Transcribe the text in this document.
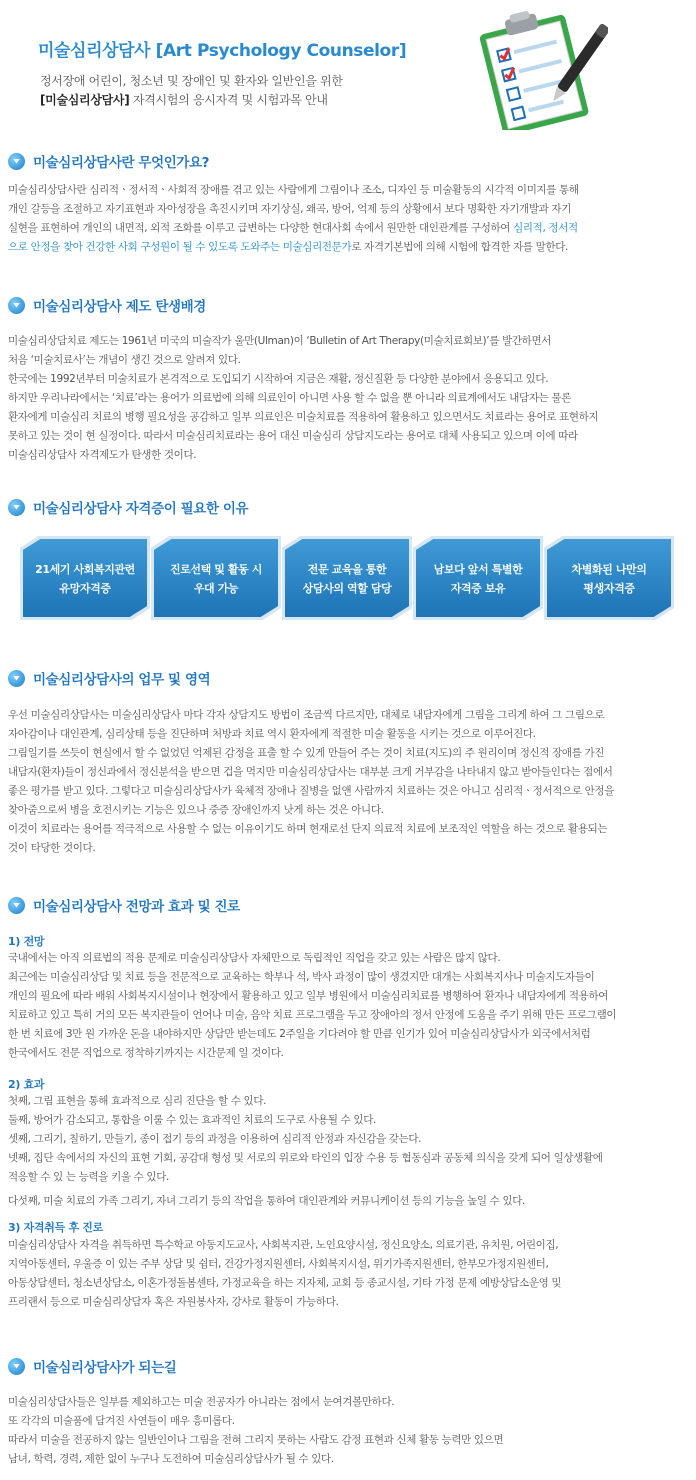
미술심리상담사 [Art Psychology Counselor]
정서장애 어린이, 청소년 및 장애인 및 환자와 일반인을 위한
[미술심리상담사] 자격시험의 응시자격 및 시험과목 안내
미술심리상담사란 무엇인가요?
미술심리상담사란 심리적ㆍ정서적ㆍ사회적 장애를 겪고 있는 사람에게 그림이나 조소, 디자인 등 미술활동의 시각적 이미지를 통해
개인 갈등을 조절하고 자기표현과 자아성장을 촉진시키며 자기상실, 왜곡, 방어, 억제 등의 상황에서 보다 명확한 자기개발과 자기
실현을 표현하여 개인의 내면적, 외적 조화를 이루고 급변하는 다양한 현대사회 속에서 원만한 대인관계를 구성하여 심리적, 정서적
으로 안정을 찾아 건강한 사회 구성원이 될 수 있도록 도와주는 미술심리전문가로 자격기본법에 의해 시험에 합격한 자를 말한다.
미술심리상담사 제도 탄생배경
미술심리상담치료 제도는 1961년 미국의 미술작가 울만(Ulman)이 ‘Bulletin of Art Therapy(미술치료회보)’를 발간하면서
처음 ‘미술치료사’는 개념이 생긴 것으로 알려져 있다.
한국에는 1992년부터 미술치료가 본격적으로 도입되기 시작하여 지금은 재활, 정신질환 등 다양한 분야에서 응용되고 있다.
하지만 우리나라에서는 ‘치료’라는 용어가 의료법에 의해 의료인이 아니면 사용 할 수 없을 뿐 아니라 의료계에서도 내담자는 물론
환자에게 미술심리 치료의 병행 필요성을 공감하고 일부 의료인은 미술치료를 적용하여 활용하고 있으면서도 치료라는 용어로 표현하지
못하고 있는 것이 현 실정이다. 따라서 미술심리치료라는 용어 대신 미술심리 상담지도라는 용어로 대체 사용되고 있으며 이에 따라
미술심리상담사 자격제도가 탄생한 것이다.
미술심리상담사 자격증이 필요한 이유
21세기 사회복지관련
유망자격증
진로선택 및 활동 시
우대 가능
전문 교육을 통한
상담사의 역할 담당
남보다 앞서 특별한
자격증 보유
차별화된 나만의
평생자격증
미술심리상담사의 업무 및 영역
우선 미술심리상담사는 미술심리상담사 마다 각자 상담지도 방법이 조금씩 다르지만, 대체로 내담자에게 그림을 그리게 하여 그 그림으로
자아감이나 대인관계, 심리상태 등을 진단하며 처방과 치료 역시 환자에게 적절한 미술 활동을 시키는 것으로 이루어진다.
그림일기를 쓰듯이 현실에서 할 수 없었던 억제된 감정을 표출 할 수 있게 만들어 주는 것이 치료(지도)의 주 원리이며 정신적 장애를 가진
내담자(환자)들이 정신과에서 정신분석을 받으면 겁을 먹지만 미술심리상담사는 대부분 크게 거부감을 나타내지 않고 받아들인다는 점에서
좋은 평가를 받고 있다. 그렇다고 미술심리상담사가 육체적 장애나 질병을 없앤 사람까지 치료하는 것은 아니고 심리적ㆍ정서적으로 안정을
찾아줌으로써 병을 호전시키는 기능은 있으나 중증 장애인까지 낫게 하는 것은 아니다.
이것이 치료라는 용어를 적극적으로 사용할 수 없는 이유이기도 하며 현재로선 단지 의료적 치료에 보조적인 역할을 하는 것으로 활용되는
것이 타당한 것이다.
미술심리상담사 전망과 효과 및 진로
1) 전망
국내에서는 아직 의료법의 적용 문제로 미술심리상담사 자체만으로 독립적인 직업을 갖고 있는 사람은 많지 않다.
최근에는 미술심리상담 및 치료 등을 전문적으로 교육하는 학부나 석, 박사 과정이 많이 생겼지만 대개는 사회복지사나 미술지도자들이
개인의 필요에 따라 배워 사회복지시설이나 현장에서 활용하고 있고 일부 병원에서 미술심리치료를 병행하여 환자나 내담자에게 적용하여
치료하고 있고 특히 거의 모든 복지관들이 언어나 미술, 음악 치료 프로그램을 두고 장애아의 정서 안정에 도움을 주기 위해 만든 프로그램이
한 번 치료에 3만 원 가까운 돈을 내야하지만 상담만 받는데도 2주일을 기다려야 할 만큼 인기가 있어 미술심리상담사가 외국에서처럼
한국에서도 전문 직업으로 정착하기까지는 시간문제 일 것이다.
2) 효과
첫째, 그림 표현을 통해 효과적으로 심리 진단을 할 수 있다.
둘째, 방어가 감소되고, 통합을 이룰 수 있는 효과적인 치료의 도구로 사용될 수 있다.
셋째, 그리기, 칠하기, 만들기, 종이 접기 등의 과정을 이용하여 심리적 안정과 자신감을 갖는다.
넷째, 집단 속에서의 자신의 표현 기회, 공감대 형성 및 서로의 위로와 타인의 입장 수용 등 협동심과 공동체 의식을 갖게 되어 일상생활에
적응할 수 있 는 능력을 키울 수 있다.
다섯째, 미술 치료의 가족 그리기, 자녀 그리기 등의 작업을 통하여 대인관계와 커뮤니케이션 등의 기능을 높일 수 있다.
3) 자격취득 후 진로
미술심리상담사 자격을 취득하면 특수학교 아동지도교사, 사회복지관, 노인요양시설, 정신요양소, 의료기관, 유치원, 어린이집,
지역아동센터, 우울증 이 있는 주부 상담 및 쉼터, 건강가정지원센터, 사회복지시설, 위기가족지원센터, 한부모가정지원센터,
아동상담센터, 청소년상담소, 이혼가정돌봄센타, 가정교육을 하는 지자체, 교회 등 종교시설, 기타 가정 문제 예방상담소운영 및
프리랜서 등으로 미술심리상담자 혹은 자원봉사자, 강사로 활동이 가능하다.
미술심리상담사가 되는길
미술심리상담사들은 일부를 제외하고는 미술 전공자가 아니라는 점에서 눈여겨볼만하다.
또 각각의 미술품에 담겨진 사연들이 매우 흥미롭다.
따라서 미술을 전공하지 않는 일반인이나 그림을 전혀 그리지 못하는 사람도 감정 표현과 신체 활동 능력만 있으면
남녀, 학력, 경력, 제한 없이 누구나 도전하여 미술심리상담사가 될 수 있다.
